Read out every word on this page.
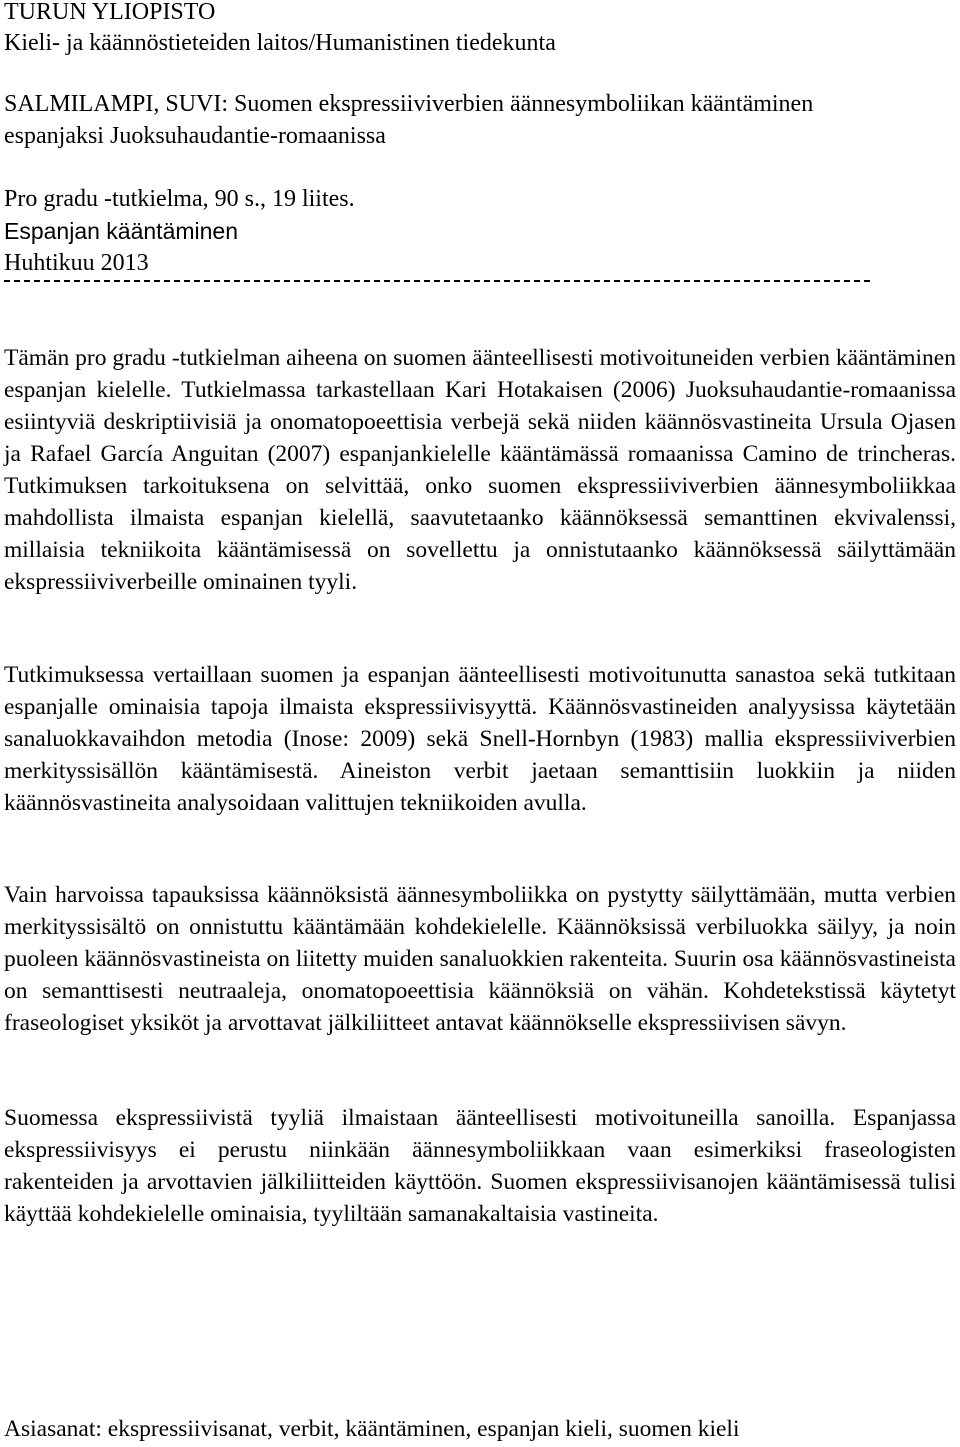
TURUN YLIOPISTO
Kieli- ja käännöstieteiden laitos/Humanistinen tiedekunta
SALMILAMPI, SUVI: Suomen ekspressiiviverbien äännesymboliikan kääntäminen
espanjaksi Juoksuhaudantie-romaanissa
Pro gradu -tutkielma, 90 s., 19 liites.
Espanjan kääntäminen
Huhtikuu 2013

Tämän pro gradu -tutkielman aiheena on suomen äänteellisesti motivoituneiden verbien kääntäminen espanjan kielelle. Tutkielmassa tarkastellaan Kari Hotakaisen (2006) Juoksuhaudantie-romaanissa esiintyviä deskriptiivisiä ja onomatopoeettisia verbejä sekä niiden käännösvastineita Ursula Ojasen ja Rafael García Anguitan (2007) espanjankielelle kääntämässä romaanissa Camino de trincheras. Tutkimuksen tarkoituksena on selvittää, onko suomen ekspressiiviverbien äännesymboliikkaa mahdollista ilmaista espanjan kielellä, saavutetaanko käännöksessä semanttinen ekvivalenssi, millaisia tekniikoita kääntämisessä on sovellettu ja onnistutaanko käännöksessä säilyttämään ekspressiiviverbeille ominainen tyyli.

Tutkimuksessa vertaillaan suomen ja espanjan äänteellisesti motivoitunutta sanastoa sekä tutkitaan espanjalle ominaisia tapoja ilmaista ekspressiivisyyttä. Käännösvastineiden analyysissa käytetään sanaluokkavaihdon metodia (Inose: 2009) sekä Snell-Hornbyn (1983) mallia ekspressiiviverbien merkityssisällön kääntämisestä. Aineiston verbit jaetaan semanttisiin luokkiin ja niiden käännösvastineita analysoidaan valittujen tekniikoiden avulla.

Vain harvoissa tapauksissa käännöksistä äännesymboliikka on pystytty säilyttämään, mutta verbien merkityssisältö on onnistuttu kääntämään kohdekielelle. Käännöksissä verbiluokka säilyy, ja noin puoleen käännösvastineista on liitetty muiden sanaluokkien rakenteita. Suurin osa käännösvastineista on semanttisesti neutraaleja, onomatopoeettisia käännöksiä on vähän. Kohdetekstissä käytetyt fraseologiset yksiköt ja arvottavat jälkiliitteet antavat käännökselle ekspressiivisen sävyn.

Suomessa ekspressiivistä tyyliä ilmaistaan äänteellisesti motivoituneilla sanoilla. Espanjassa ekspressiivisyys ei perustu niinkään äännesymboliikkaan vaan esimerkiksi fraseologisten rakenteiden ja arvottavien jälkiliitteiden käyttöön. Suomen ekspressiivisanojen kääntämisessä tulisi käyttää kohdekielelle ominaisia, tyyliltään samanakaltaisia vastineita.

Asiasanat: ekspressiivisanat, verbit, kääntäminen, espanjan kieli, suomen kieli
